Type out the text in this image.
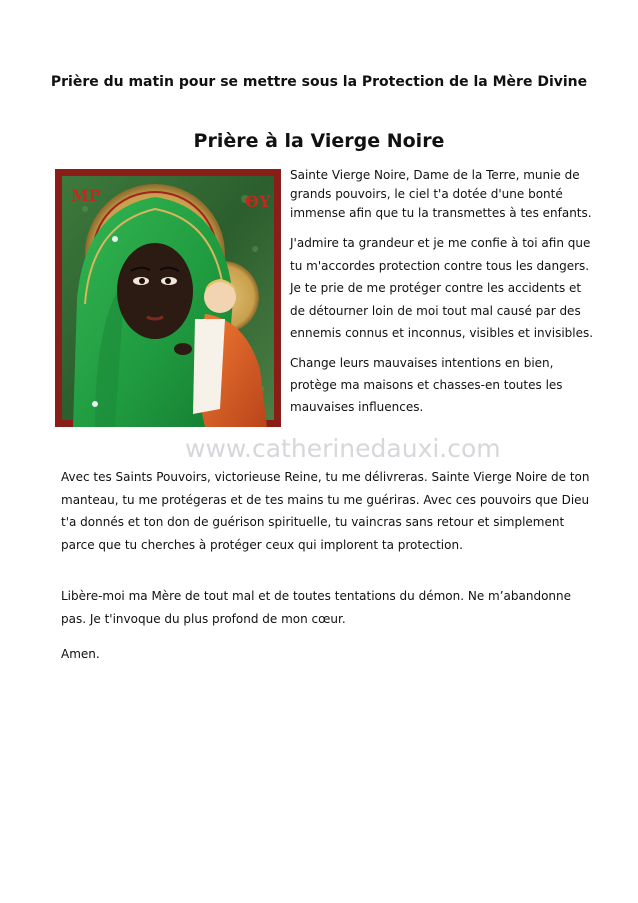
Prière du matin pour se mettre sous la Protection de la Mère Divine
Prière à la Vierge Noire
MP	ΘY
www.catherinedauxi.com

Sainte Vierge Noire, Dame de la Terre, munie de grands pouvoirs, le ciel t'a dotée d'une bonté immense afin que tu la transmettes à tes enfants.

J'admire ta grandeur et je me confie à toi afin que tu m'accordes protection contre tous les dangers. Je te prie de me protéger contre les accidents et de détourner loin de moi tout mal causé par des ennemis connus et inconnus, visibles et invisibles.

Change leurs mauvaises intentions en bien, protège ma maisons et chasses-en toutes les mauvaises influences.

Avec tes Saints Pouvoirs, victorieuse Reine, tu me délivreras. Sainte Vierge Noire de ton manteau, tu me protégeras et de tes mains tu me guériras. Avec ces pouvoirs que Dieu t'a donnés et ton don de guérison spirituelle, tu vaincras sans retour et simplement parce que tu cherches à protéger ceux qui implorent ta protection.

Libère-moi ma Mère de tout mal et de toutes tentations du démon. Ne m’abandonne pas. Je t'invoque du plus profond de mon cœur.

Amen.
